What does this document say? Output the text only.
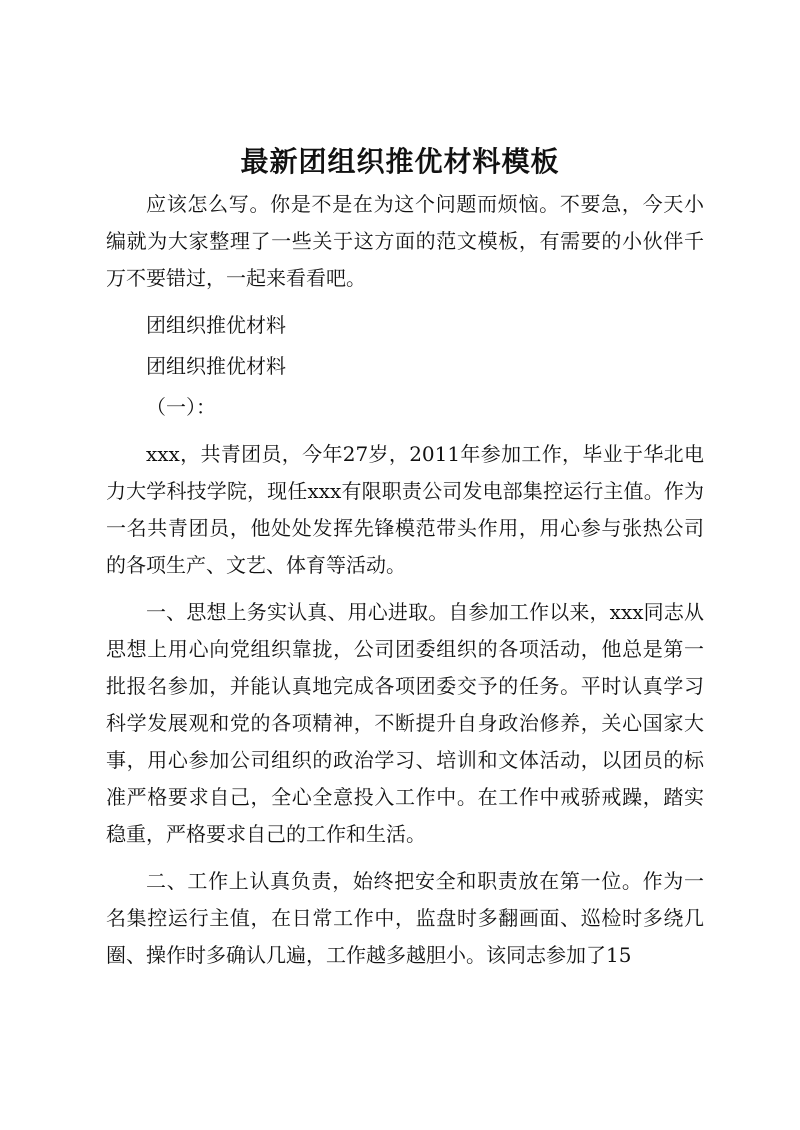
最新团组织推优材料模板

应该怎么写。你是不是在为这个问题而烦恼。不要急，今天小编就为大家整理了一些关于这方面的范文模板，有需要的小伙伴千万不要错过，一起来看看吧。

团组织推优材料

团组织推优材料

（一）：

xxx，共青团员，今年27岁，2011年参加工作，毕业于华北电力大学科技学院，现任xxx有限职责公司发电部集控运行主值。作为一名共青团员，他处处发挥先锋模范带头作用，用心参与张热公司的各项生产、文艺、体育等活动。

一、思想上务实认真、用心进取。自参加工作以来，xxx同志从思想上用心向党组织靠拢，公司团委组织的各项活动，他总是第一批报名参加，并能认真地完成各项团委交予的任务。平时认真学习科学发展观和党的各项精神，不断提升自身政治修养，关心国家大事，用心参加公司组织的政治学习、培训和文体活动，以团员的标准严格要求自己，全心全意投入工作中。在工作中戒骄戒躁，踏实稳重，严格要求自己的工作和生活。

二、工作上认真负责，始终把安全和职责放在第一位。作为一名集控运行主值，在日常工作中，监盘时多翻画面、巡检时多绕几圈、操作时多确认几遍，工作越多越胆小。该同志参加了15
